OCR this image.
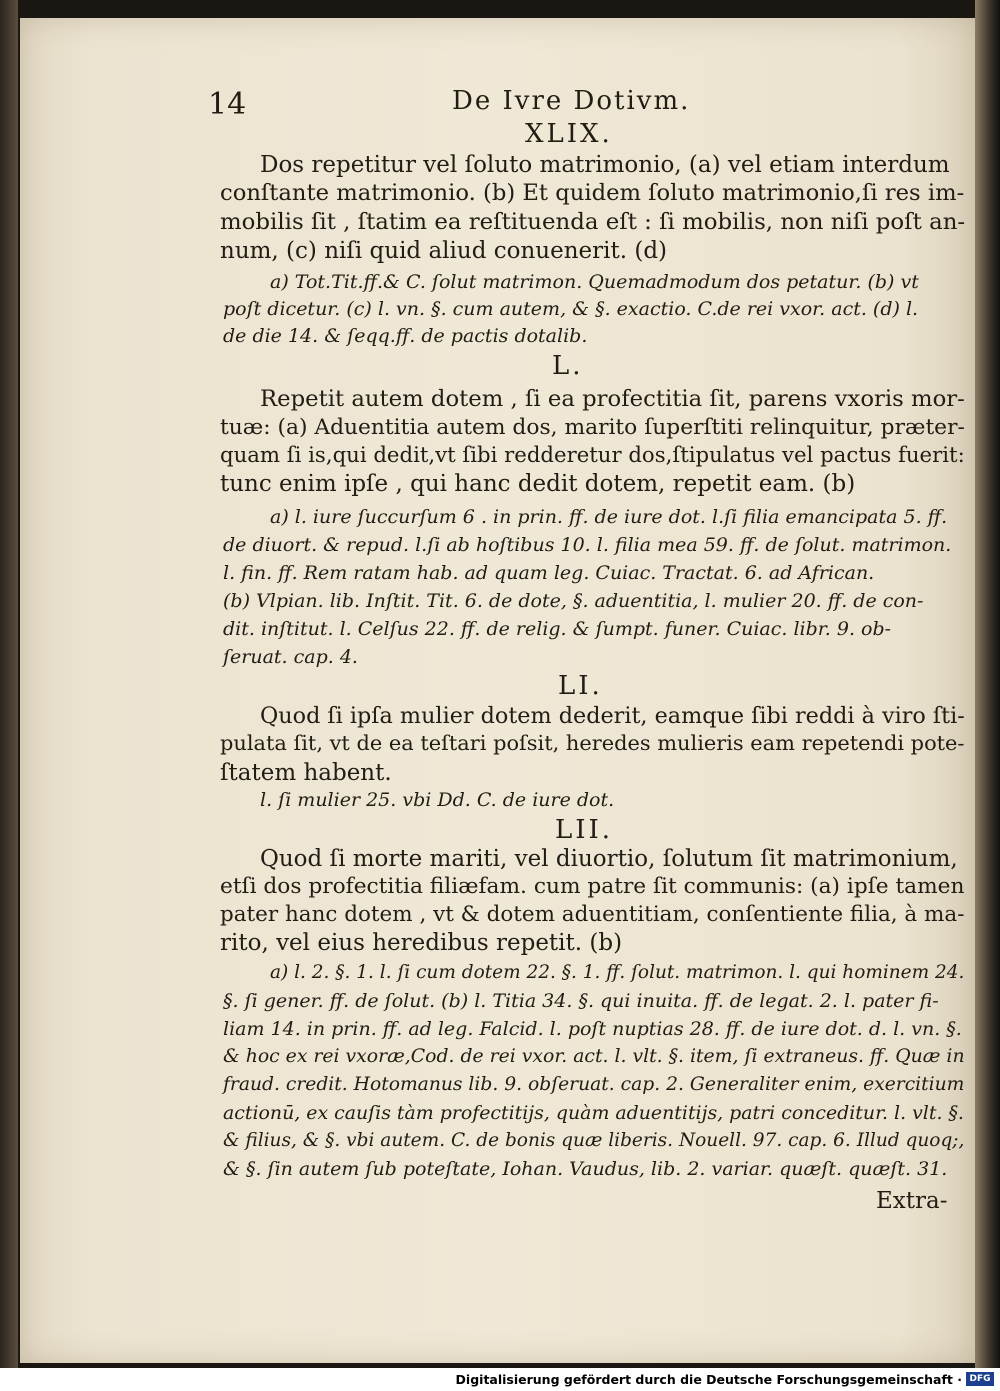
14	De Ivre Dotivm.
XLIX.
Dos repetitur vel ſoluto matrimonio, (a) vel etiam interdum
conſtante matrimonio. (b) Et quidem ſoluto matrimonio,ſi res im-
mobilis ſit , ſtatim ea reſtituenda eſt : ſi mobilis, non niſi poſt an-
num, (c) niſi quid aliud conuenerit. (d)
a) Tot.Tit.ff.& C. ſolut matrimon. Quemadmodum dos petatur. (b) vt
poſt dicetur. (c) l. vn. §. cum autem, & §. exactio. C.de rei vxor. act. (d) l.
de die 14. & ſeqq.ff. de pactis dotalib.
L.
Repetit autem dotem , ſi ea profectitia ſit, parens vxoris mor-
tuæ: (a) Aduentitia autem dos, marito ſuperſtiti relinquitur, præter-
quam ſi is,qui dedit,vt ſibi redderetur dos,ſtipulatus vel pactus fuerit:
tunc enim ipſe , qui hanc dedit dotem, repetit eam. (b)
a) l. iure ſuccurſum 6 . in prin. ff. de iure dot. l.ſi filia emancipata 5. ff.
de diuort. & repud. l.ſi ab hoſtibus 10. l. filia mea 59. ff. de ſolut. matrimon.
l. fin. ff. Rem ratam hab. ad quam leg. Cuiac. Tractat. 6. ad African.
(b) Vlpian. lib. Inſtit. Tit. 6. de dote, §. aduentitia, l. mulier 20. ff. de con-
dit. inſtitut. l. Celſus 22. ff. de relig. & ſumpt. funer. Cuiac. libr. 9. ob-
ſeruat. cap. 4.
LI.
Quod ſi ipſa mulier dotem dederit, eamque ſibi reddi à viro ſti-
pulata ſit, vt de ea teſtari poſsit, heredes mulieris eam repetendi pote-
ſtatem habent.
l. ſi mulier 25. vbi Dd. C. de iure dot.
LII.
Quod ſi morte mariti, vel diuortio, ſolutum ſit matrimonium,
etſi dos profectitia filiæfam. cum patre ſit communis: (a) ipſe tamen
pater hanc dotem , vt & dotem aduentitiam, conſentiente filia, à ma-
rito, vel eius heredibus repetit. (b)
a) l. 2. §. 1. l. ſi cum dotem 22. §. 1. ff. ſolut. matrimon. l. qui hominem 24.
§. ſi gener. ff. de ſolut. (b) l. Titia 34. §. qui inuita. ff. de legat. 2. l. pater fi-
liam 14. in prin. ff. ad leg. Falcid. l. poſt nuptias 28. ff. de iure dot. d. l. vn. §.
& hoc ex rei vxoræ,Cod. de rei vxor. act. l. vlt. §. item, ſi extraneus. ff. Quæ in
fraud. credit. Hotomanus lib. 9. obſeruat. cap. 2. Generaliter enim, exercitium
actionū, ex cauſis tàm profectitijs, quàm aduentitijs, patri conceditur. l. vlt. §.
& filius, & §. vbi autem. C. de bonis quæ liberis. Nouell. 97. cap. 6. Illud quoq;,
& §. ſin autem ſub poteſtate, Iohan. Vaudus, lib. 2. variar. quæſt. quæſt. 31.
Extra-
Digitalisierung gefördert durch die Deutsche Forschungsgemeinschaft · DFG
